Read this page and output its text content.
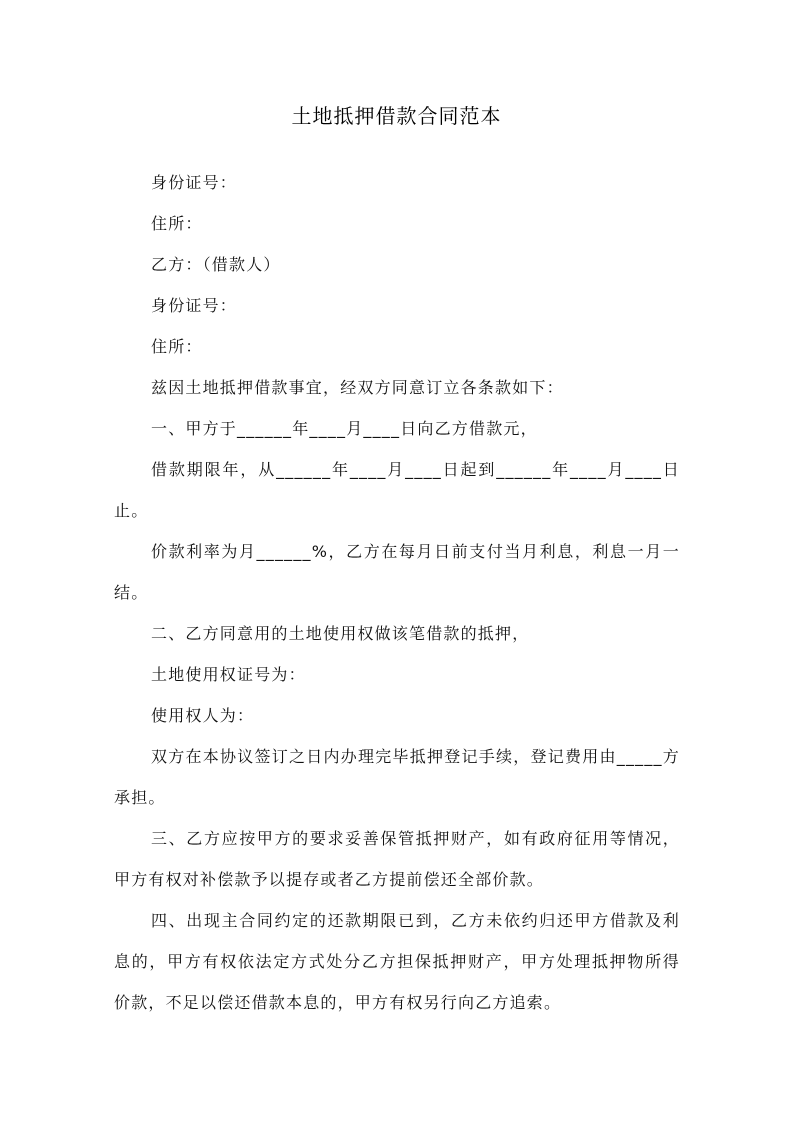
土地抵押借款合同范本

身份证号：

住所：

乙方：（借款人）

身份证号：

住所：

兹因土地抵押借款事宜，经双方同意订立各条款如下：

一、甲方于______年____月____日向乙方借款元，

借款期限年，从______年____月____日起到______年____月____日止。

价款利率为月______%，乙方在每月日前支付当月利息，利息一月一结。

二、乙方同意用的土地使用权做该笔借款的抵押，

土地使用权证号为：

使用权人为：

双方在本协议签订之日内办理完毕抵押登记手续，登记费用由_____方承担。

三、乙方应按甲方的要求妥善保管抵押财产，如有政府征用等情况，甲方有权对补偿款予以提存或者乙方提前偿还全部价款。

四、出现主合同约定的还款期限已到，乙方未依约归还甲方借款及利息的，甲方有权依法定方式处分乙方担保抵押财产，甲方处理抵押物所得价款，不足以偿还借款本息的，甲方有权另行向乙方追索。
